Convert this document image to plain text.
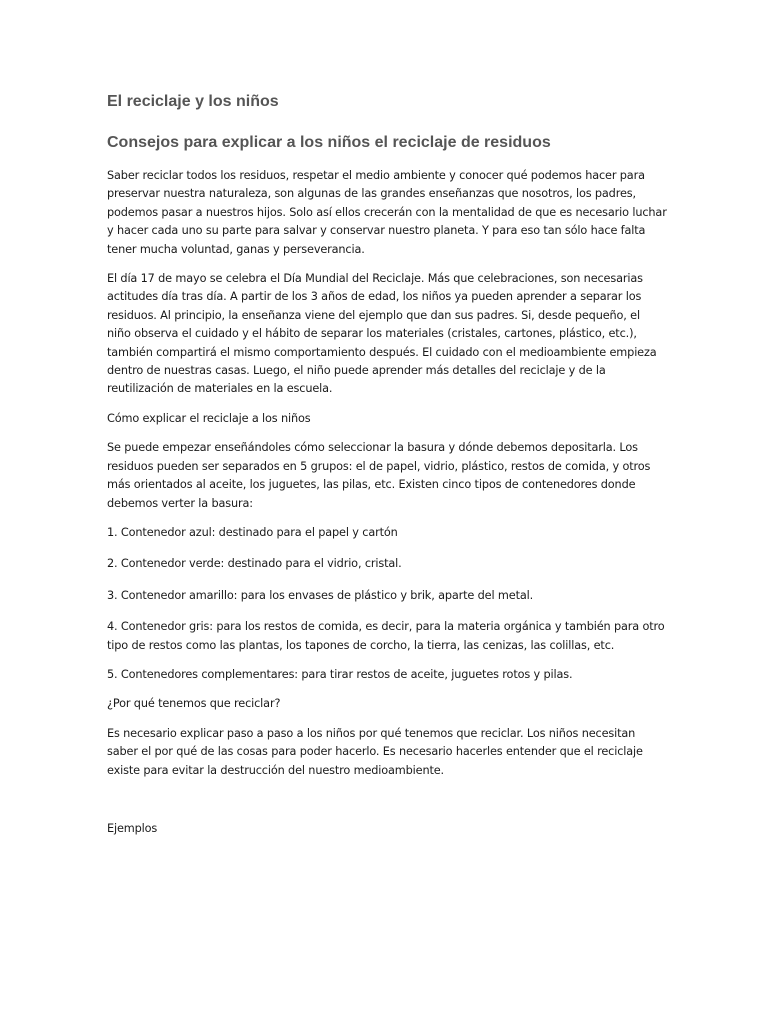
El reciclaje y los niños
Consejos para explicar a los niños el reciclaje de residuos

Saber reciclar todos los residuos, respetar el medio ambiente y conocer qué podemos hacer para preservar nuestra naturaleza, son algunas de las grandes enseñanzas que nosotros, los padres, podemos pasar a nuestros hijos. Solo así ellos crecerán con la mentalidad de que es necesario luchar y hacer cada uno su parte para salvar y conservar nuestro planeta. Y para eso tan sólo hace falta tener mucha voluntad, ganas y perseverancia.

El día 17 de mayo se celebra el Día Mundial del Reciclaje. Más que celebraciones, son necesarias actitudes día tras día. A partir de los 3 años de edad, los niños ya pueden aprender a separar los residuos. Al principio, la enseñanza viene del ejemplo que dan sus padres. Si, desde pequeño, el niño observa el cuidado y el hábito de separar los materiales (cristales, cartones, plástico, etc.), también compartirá el mismo comportamiento después. El cuidado con el medioambiente empieza dentro de nuestras casas. Luego, el niño puede aprender más detalles del reciclaje y de la reutilización de materiales en la escuela.

Cómo explicar el reciclaje a los niños

Se puede empezar enseñándoles cómo seleccionar la basura y dónde debemos depositarla. Los residuos pueden ser separados en 5 grupos: el de papel, vidrio, plástico, restos de comida, y otros más orientados al aceite, los juguetes, las pilas, etc. Existen cinco tipos de contenedores donde debemos verter la basura:

1. Contenedor azul: destinado para el papel y cartón

2. Contenedor verde: destinado para el vidrio, cristal.

3. Contenedor amarillo: para los envases de plástico y brik, aparte del metal.

4. Contenedor gris: para los restos de comida, es decir, para la materia orgánica y también para otro tipo de restos como las plantas, los tapones de corcho, la tierra, las cenizas, las colillas, etc.

5. Contenedores complementares: para tirar restos de aceite, juguetes rotos y pilas.

¿Por qué tenemos que reciclar?

Es necesario explicar paso a paso a los niños por qué tenemos que reciclar. Los niños necesitan saber el por qué de las cosas para poder hacerlo. Es necesario hacerles entender que el reciclaje existe para evitar la destrucción del nuestro medioambiente.

Ejemplos
